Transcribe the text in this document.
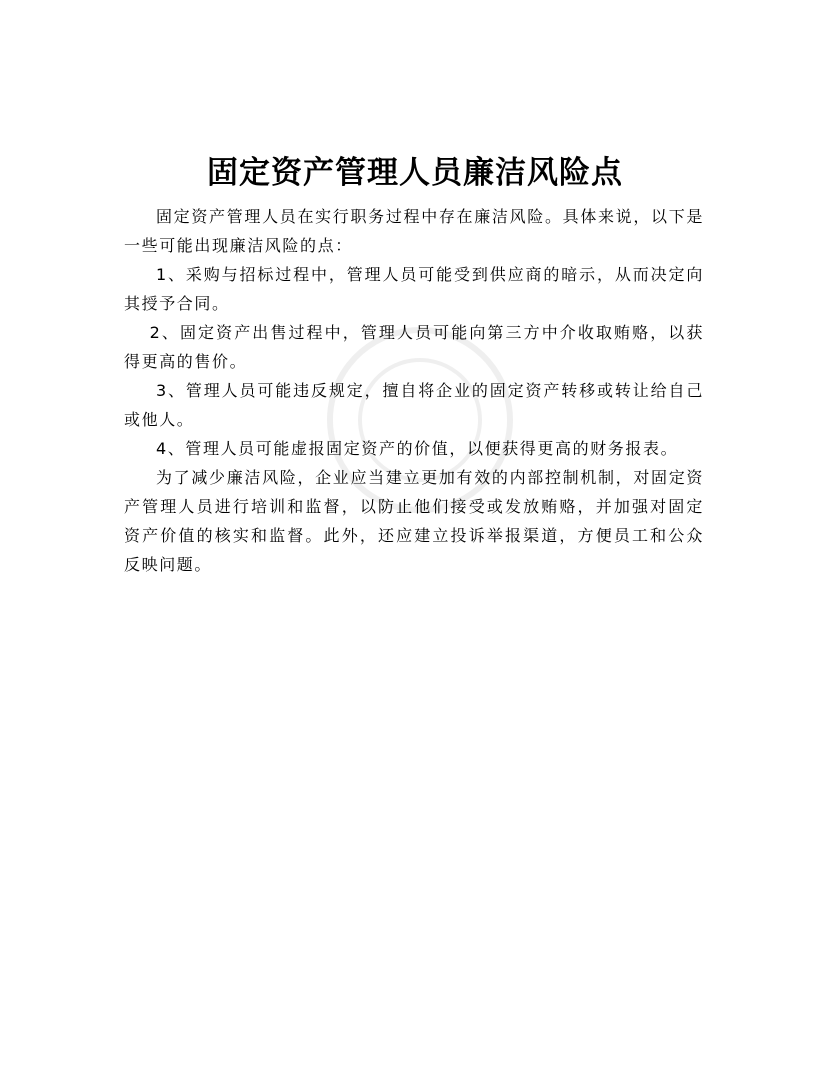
固定资产管理人员廉洁风险点

固定资产管理人员在实行职务过程中存在廉洁风险。具体来说，以下是一些可能出现廉洁风险的点：

1、采购与招标过程中，管理人员可能受到供应商的暗示，从而决定向其授予合同。

2、固定资产出售过程中，管理人员可能向第三方中介收取贿赂，以获得更高的售价。

3、管理人员可能违反规定，擅自将企业的固定资产转移或转让给自己或他人。

4、管理人员可能虚报固定资产的价值，以便获得更高的财务报表。

为了减少廉洁风险，企业应当建立更加有效的内部控制机制，对固定资产管理人员进行培训和监督，以防止他们接受或发放贿赂，并加强对固定资产价值的核实和监督。此外，还应建立投诉举报渠道，方便员工和公众反映问题。
